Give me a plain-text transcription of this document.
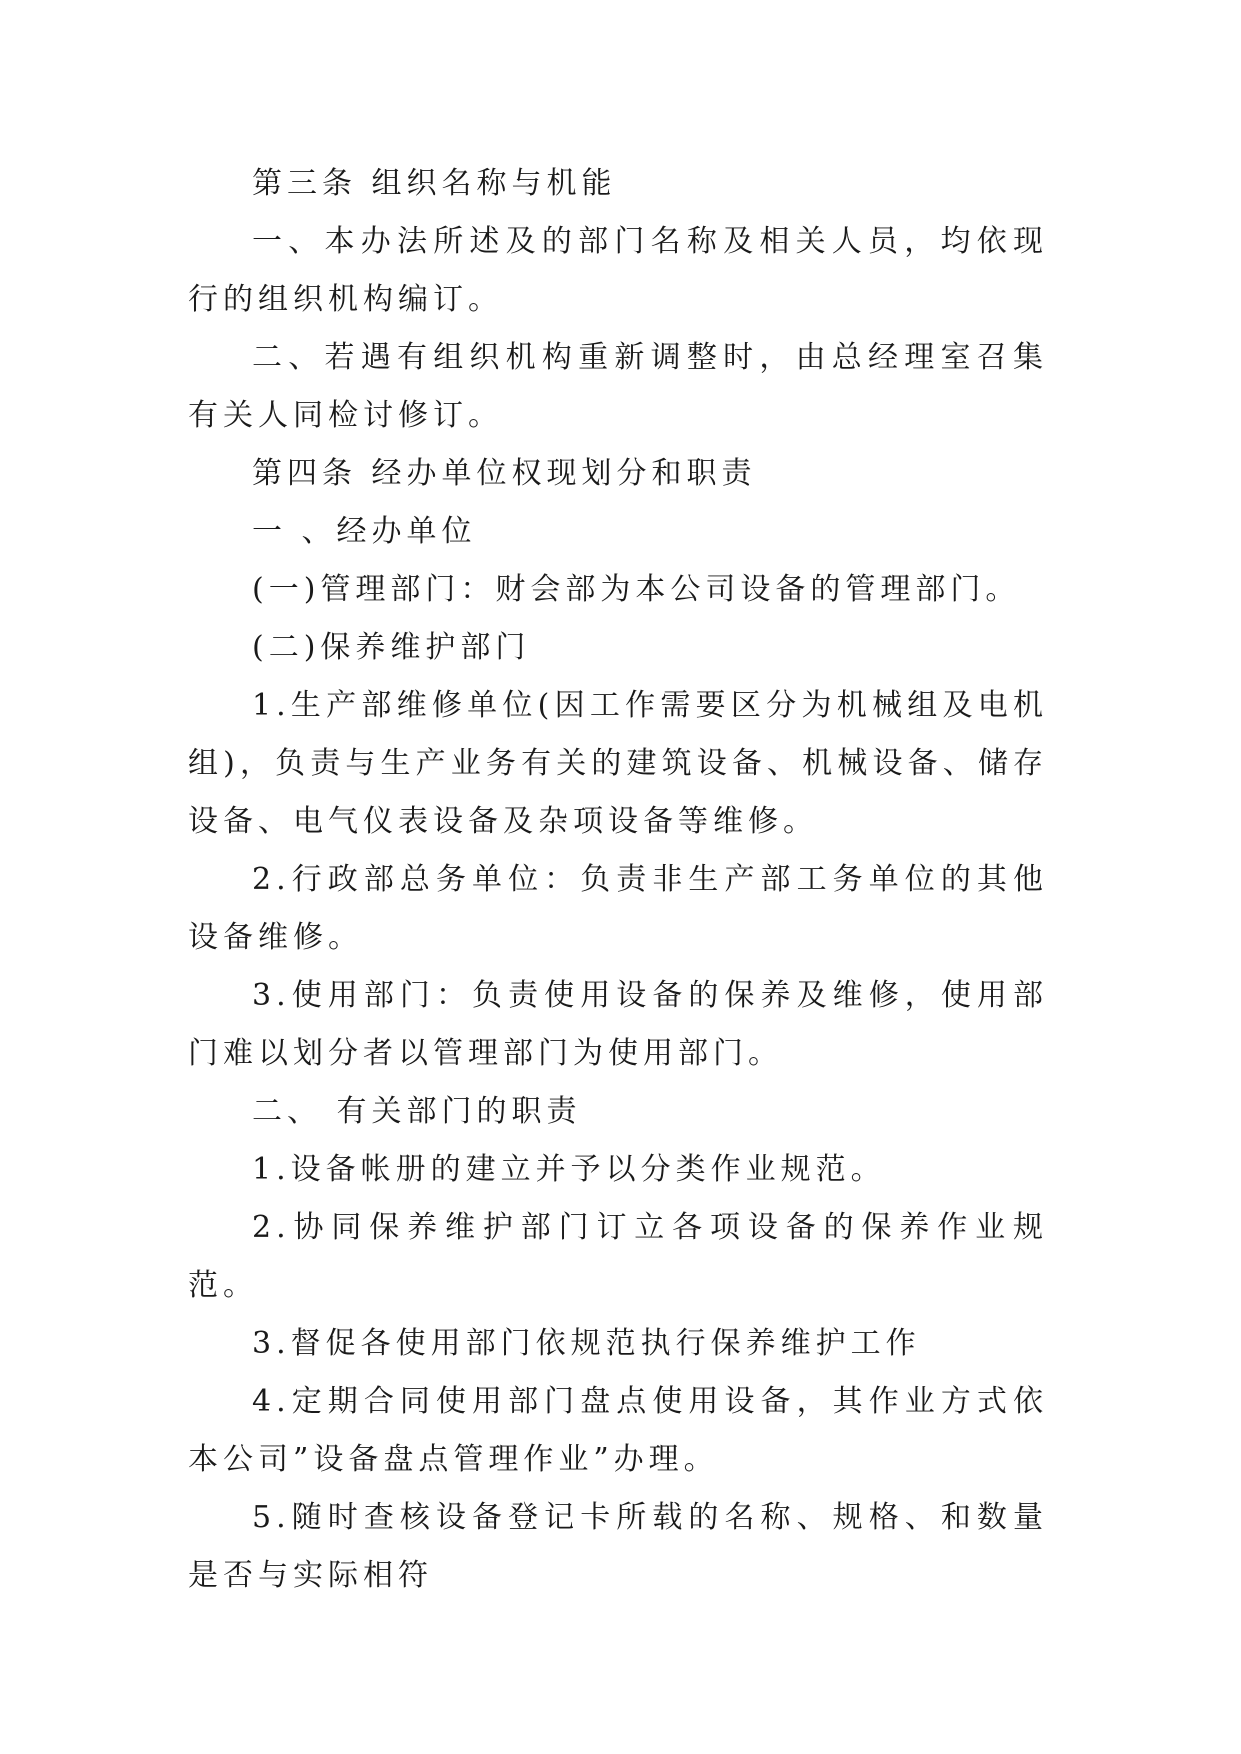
第三条 组织名称与机能

一、本办法所述及的部门名称及相关人员，均依现行的组织机构编订。

二、若遇有组织机构重新调整时，由总经理室召集有关人同检讨修订。

第四条 经办单位权现划分和职责

一 、经办单位

(一)管理部门：财会部为本公司设备的管理部门。

(二)保养维护部门

1.生产部维修单位(因工作需要区分为机械组及电机组)，负责与生产业务有关的建筑设备、机械设备、储存设备、电气仪表设备及杂项设备等维修。

2.行政部总务单位：负责非生产部工务单位的其他设备维修。

3.使用部门：负责使用设备的保养及维修，使用部门难以划分者以管理部门为使用部门。

二、 有关部门的职责

1.设备帐册的建立并予以分类作业规范。

2.协同保养维护部门订立各项设备的保养作业规范。

3.督促各使用部门依规范执行保养维护工作

4.定期合同使用部门盘点使用设备，其作业方式依本公司”设备盘点管理作业”办理。

5.随时查核设备登记卡所载的名称、规格、和数量是否与实际相符
